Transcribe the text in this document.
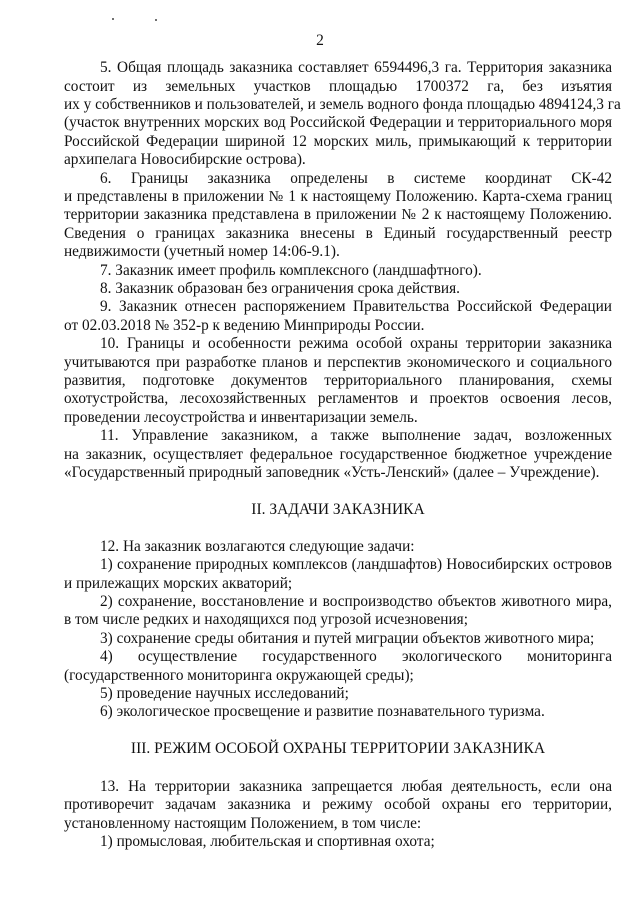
2
5. Общая площадь заказника составляет 6594496,3 га. Территория заказника
состоит из земельных участков площадью 1700372 га, без изъятия
их у собственников и пользователей, и земель водного фонда площадью 4894124,3 га
(участок внутренних морских вод Российской Федерации и территориального моря
Российской Федерации шириной 12 морских миль, примыкающий к территории
архипелага Новосибирские острова).
6. Границы заказника определены в системе координат СК-42
и представлены в приложении № 1 к настоящему Положению. Карта-схема границ
территории заказника представлена в приложении № 2 к настоящему Положению.
Сведения о границах заказника внесены в Единый государственный реестр
недвижимости (учетный номер 14:06-9.1).
7. Заказник имеет профиль комплексного (ландшафтного).
8. Заказник образован без ограничения срока действия.
9. Заказник отнесен распоряжением Правительства Российской Федерации
от 02.03.2018 № 352-р к ведению Минприроды России.
10. Границы и особенности режима особой охраны территории заказника
учитываются при разработке планов и перспектив экономического и социального
развития, подготовке документов территориального планирования, схемы
охотустройства, лесохозяйственных регламентов и проектов освоения лесов,
проведении лесоустройства и инвентаризации земель.
11. Управление заказником, а также выполнение задач, возложенных
на заказник, осуществляет федеральное государственное бюджетное учреждение
«Государственный природный заповедник «Усть-Ленский» (далее – Учреждение).
II. ЗАДАЧИ ЗАКАЗНИКА
12. На заказник возлагаются следующие задачи:
1) сохранение природных комплексов (ландшафтов) Новосибирских островов
и прилежащих морских акваторий;
2) сохранение, восстановление и воспроизводство объектов животного мира,
в том числе редких и находящихся под угрозой исчезновения;
3) сохранение среды обитания и путей миграции объектов животного мира;
4) осуществление государственного экологического мониторинга
(государственного мониторинга окружающей среды);
5) проведение научных исследований;
6) экологическое просвещение и развитие познавательного туризма.
III. РЕЖИМ ОСОБОЙ ОХРАНЫ ТЕРРИТОРИИ ЗАКАЗНИКА
13. На территории заказника запрещается любая деятельность, если она
противоречит задачам заказника и режиму особой охраны его территории,
установленному настоящим Положением, в том числе:
1) промысловая, любительская и спортивная охота;
